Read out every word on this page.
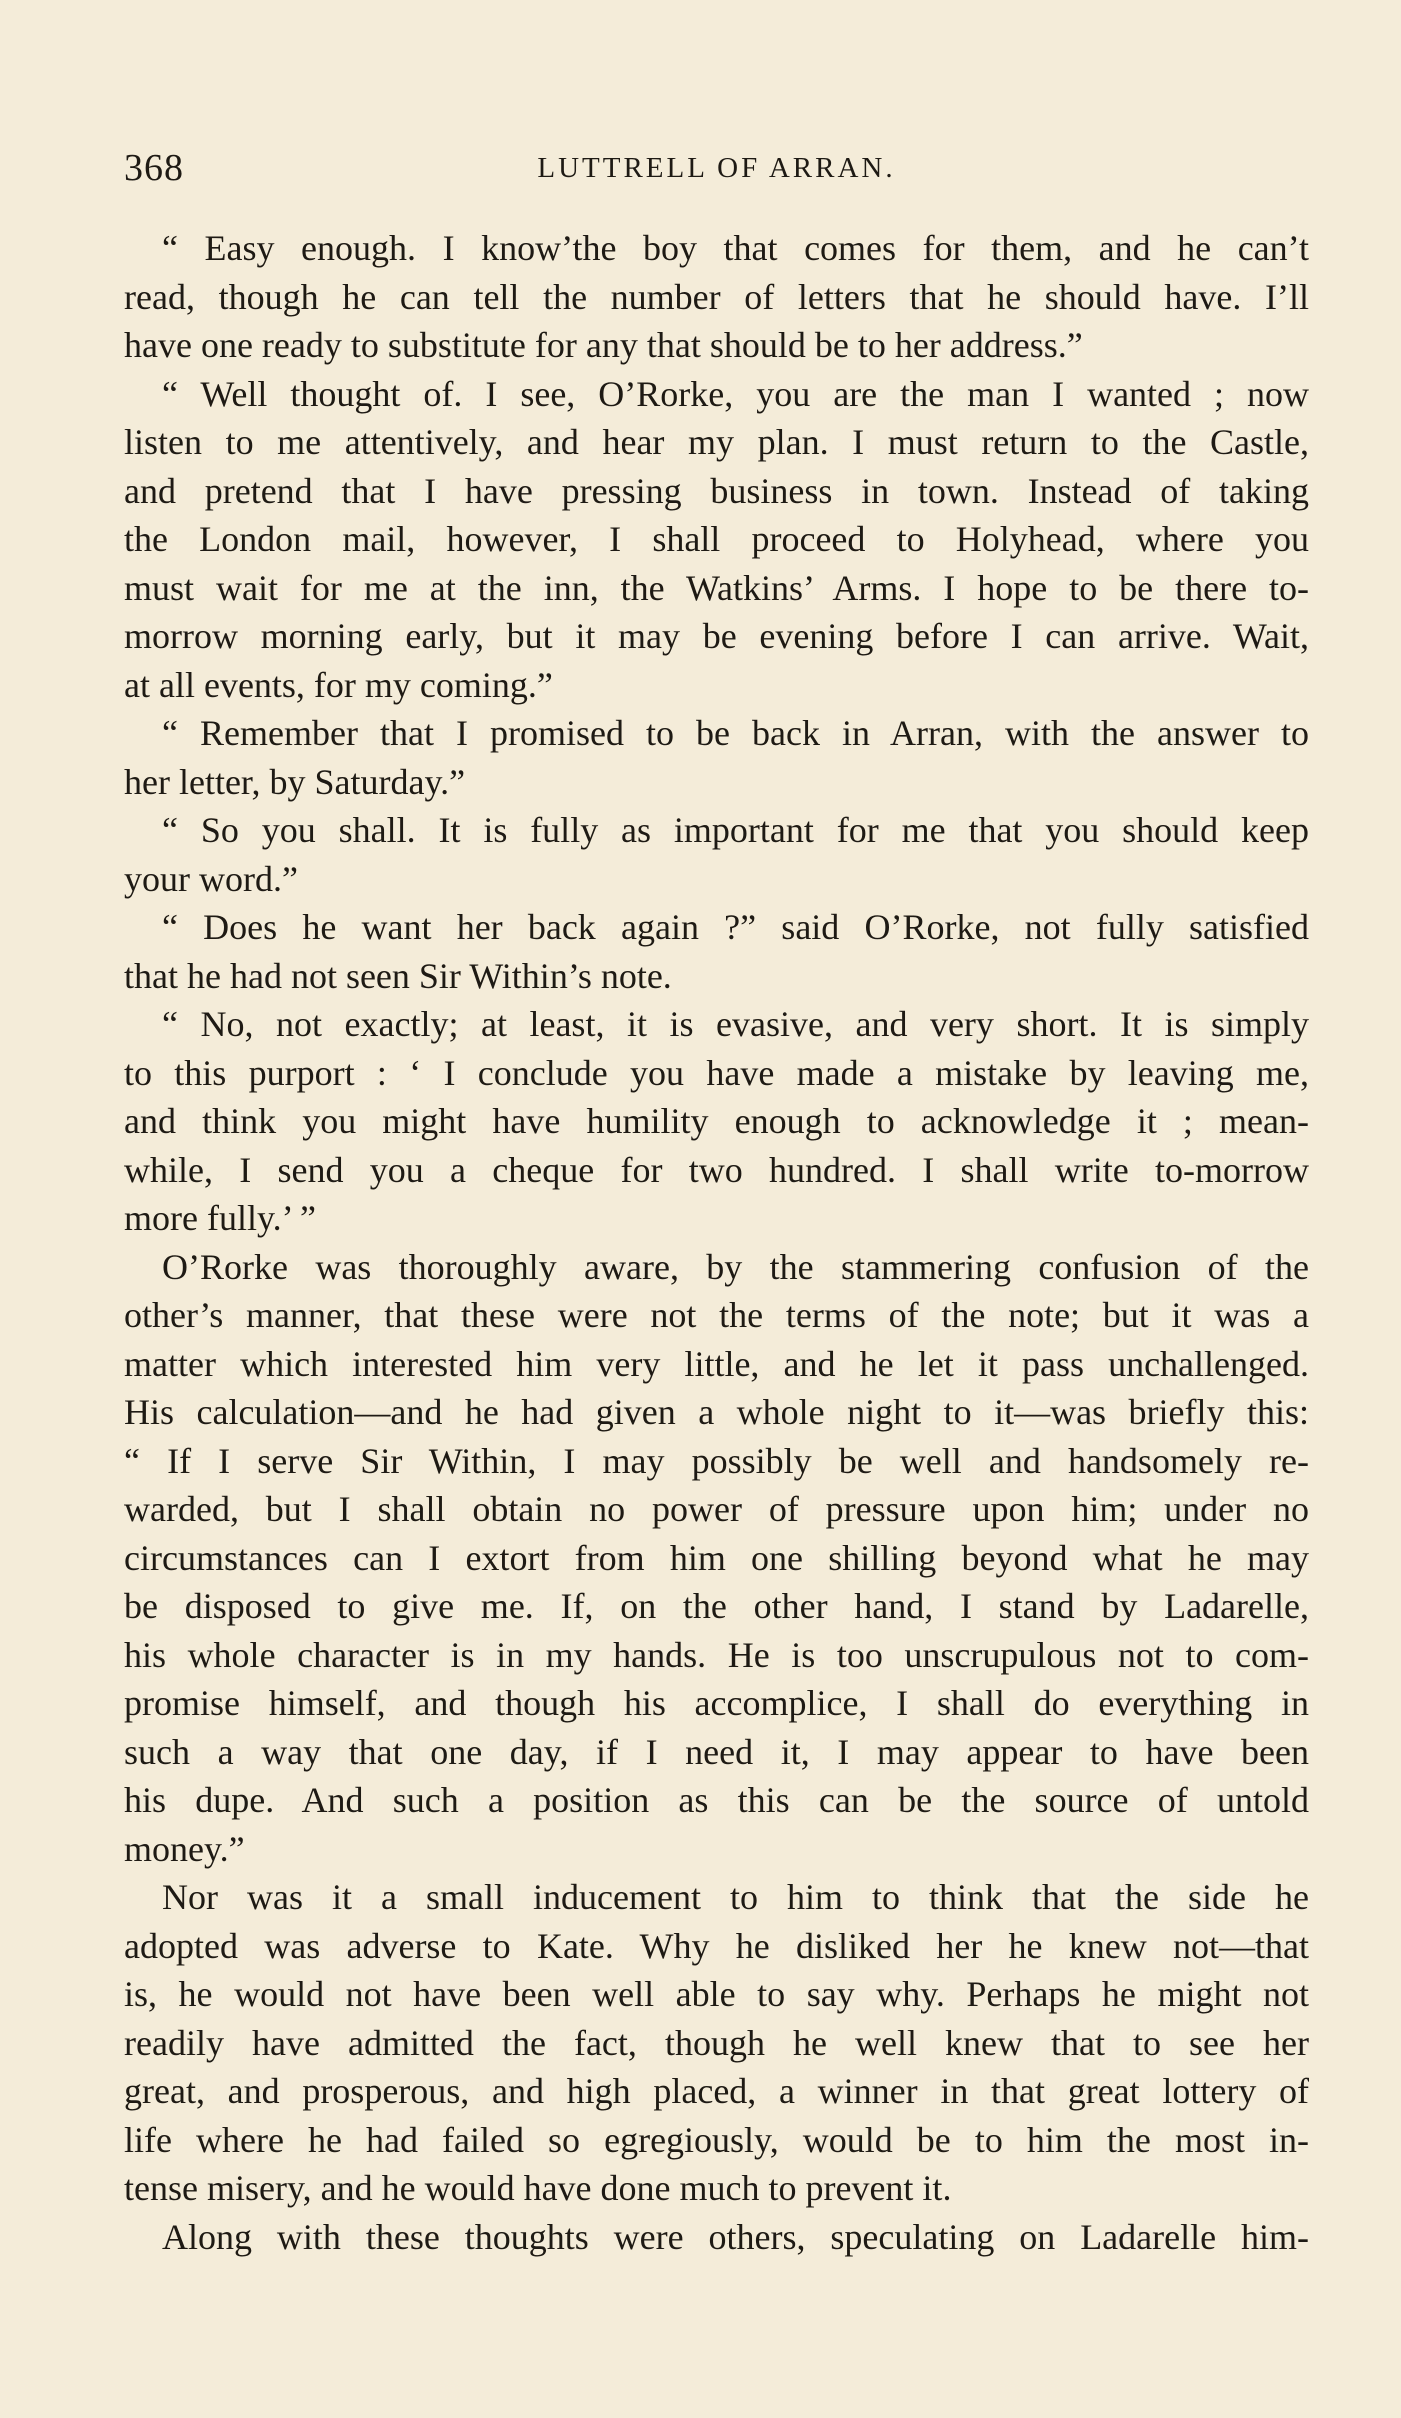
368	LUTTRELL OF ARRAN.
“ Easy enough. I know’the boy that comes for them, and he can’t
read, though he can tell the number of letters that he should have. I’ll
have one ready to substitute for any that should be to her address.”
“ Well thought of. I see, O’Rorke, you are the man I wanted ; now
listen to me attentively, and hear my plan. I must return to the Castle,
and pretend that I have pressing business in town. Instead of taking
the London mail, however, I shall proceed to Holyhead, where you
must wait for me at the inn, the Watkins’ Arms. I hope to be there to-
morrow morning early, but it may be evening before I can arrive. Wait,
at all events, for my coming.”
“ Remember that I promised to be back in Arran, with the answer to
her letter, by Saturday.”
“ So you shall. It is fully as important for me that you should keep
your word.”
“ Does he want her back again ?” said O’Rorke, not fully satisfied
that he had not seen Sir Within’s note.
“ No, not exactly; at least, it is evasive, and very short. It is simply
to this purport : ‘ I conclude you have made a mistake by leaving me,
and think you might have humility enough to acknowledge it ; mean-
while, I send you a cheque for two hundred. I shall write to-morrow
more fully.’ ”
O’Rorke was thoroughly aware, by the stammering confusion of the
other’s manner, that these were not the terms of the note; but it was a
matter which interested him very little, and he let it pass unchallenged.
His calculation—and he had given a whole night to it—was briefly this:
“ If I serve Sir Within, I may possibly be well and handsomely re-
warded, but I shall obtain no power of pressure upon him; under no
circumstances can I extort from him one shilling beyond what he may
be disposed to give me. If, on the other hand, I stand by Ladarelle,
his whole character is in my hands. He is too unscrupulous not to com-
promise himself, and though his accomplice, I shall do everything in
such a way that one day, if I need it, I may appear to have been
his dupe. And such a position as this can be the source of untold
money.”
Nor was it a small inducement to him to think that the side he
adopted was adverse to Kate. Why he disliked her he knew not—that
is, he would not have been well able to say why. Perhaps he might not
readily have admitted the fact, though he well knew that to see her
great, and prosperous, and high placed, a winner in that great lottery of
life where he had failed so egregiously, would be to him the most in-
tense misery, and he would have done much to prevent it.
Along with these thoughts were others, speculating on Ladarelle him-
